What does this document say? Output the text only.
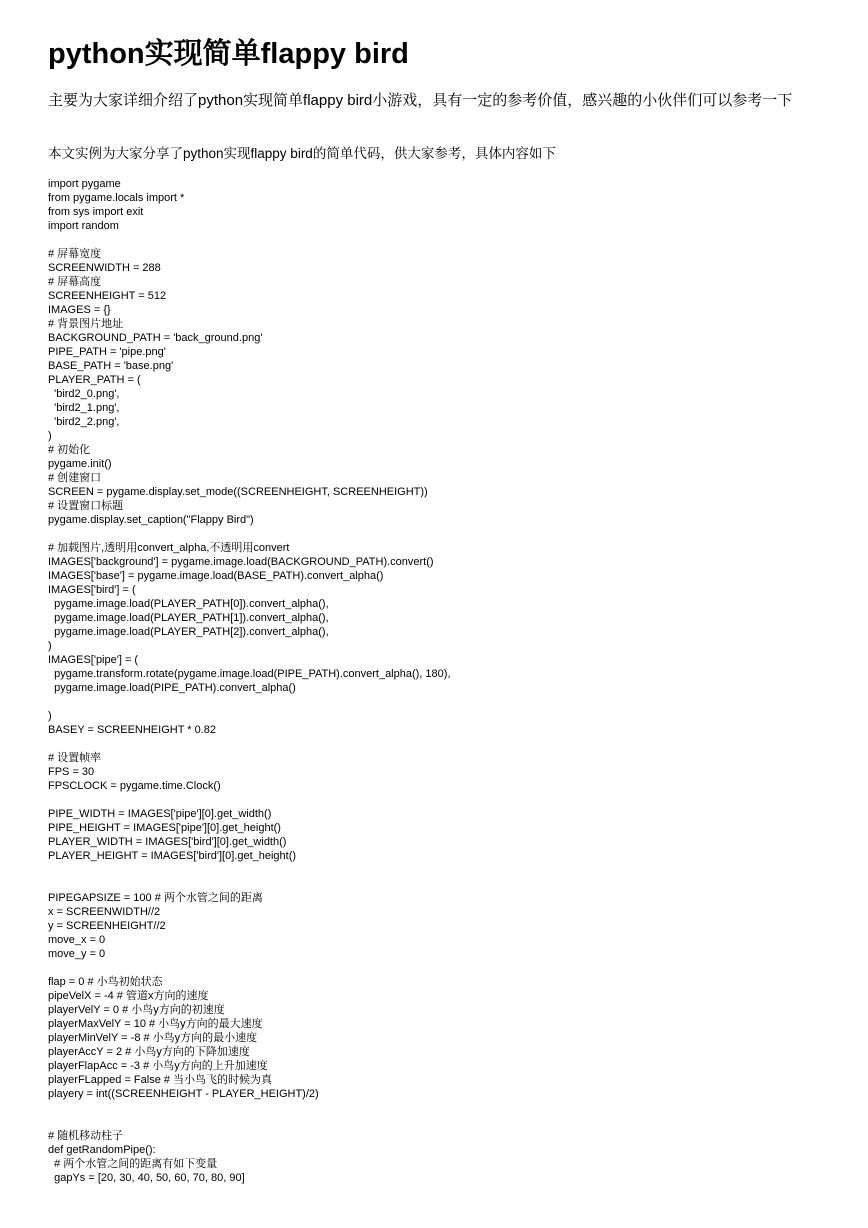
python实现简单flappy bird

主要为大家详细介绍了python实现简单flappy bird小游戏，具有一定的参考价值，感兴趣的小伙伴们可以参考一下

本文实例为大家分享了python实现flappy bird的简单代码，供大家参考，具体内容如下

import pygame
from pygame.locals import *
from sys import exit
import random
# 屏幕宽度
SCREENWIDTH = 288
# 屏幕高度
SCREENHEIGHT = 512
IMAGES = {}
# 背景图片地址
BACKGROUND_PATH = 'back_ground.png'
PIPE_PATH = 'pipe.png'
BASE_PATH = 'base.png'
PLAYER_PATH = (
'bird2_0.png',
'bird2_1.png',
'bird2_2.png',
)
# 初始化
pygame.init()
# 创建窗口
SCREEN = pygame.display.set_mode((SCREENHEIGHT, SCREENHEIGHT))
# 设置窗口标题
pygame.display.set_caption("Flappy Bird")
# 加载图片,透明用convert_alpha,不透明用convert
IMAGES['background'] = pygame.image.load(BACKGROUND_PATH).convert()
IMAGES['base'] = pygame.image.load(BASE_PATH).convert_alpha()
IMAGES['bird'] = (
pygame.image.load(PLAYER_PATH[0]).convert_alpha(),
pygame.image.load(PLAYER_PATH[1]).convert_alpha(),
pygame.image.load(PLAYER_PATH[2]).convert_alpha(),
)
IMAGES['pipe'] = (
pygame.transform.rotate(pygame.image.load(PIPE_PATH).convert_alpha(), 180),
pygame.image.load(PIPE_PATH).convert_alpha()
)
BASEY = SCREENHEIGHT * 0.82
# 设置帧率
FPS = 30
FPSCLOCK = pygame.time.Clock()
PIPE_WIDTH = IMAGES['pipe'][0].get_width()
PIPE_HEIGHT = IMAGES['pipe'][0].get_height()
PLAYER_WIDTH = IMAGES['bird'][0].get_width()
PLAYER_HEIGHT = IMAGES['bird'][0].get_height()
PIPEGAPSIZE = 100 # 两个水管之间的距离
x = SCREENWIDTH//2
y = SCREENHEIGHT//2
move_x = 0
move_y = 0
flap = 0 # 小鸟初始状态
pipeVelX = -4 # 管道x方向的速度
playerVelY = 0 # 小鸟y方向的初速度
playerMaxVelY = 10 # 小鸟y方向的最大速度
playerMinVelY = -8 # 小鸟y方向的最小速度
playerAccY = 2 # 小鸟y方向的下降加速度
playerFlapAcc = -3 # 小鸟y方向的上升加速度
playerFLapped = False # 当小鸟飞的时候为真
playery = int((SCREENHEIGHT - PLAYER_HEIGHT)/2)
# 随机移动柱子
def getRandomPipe():
# 两个水管之间的距离有如下变量
gapYs = [20, 30, 40, 50, 60, 70, 80, 90]
